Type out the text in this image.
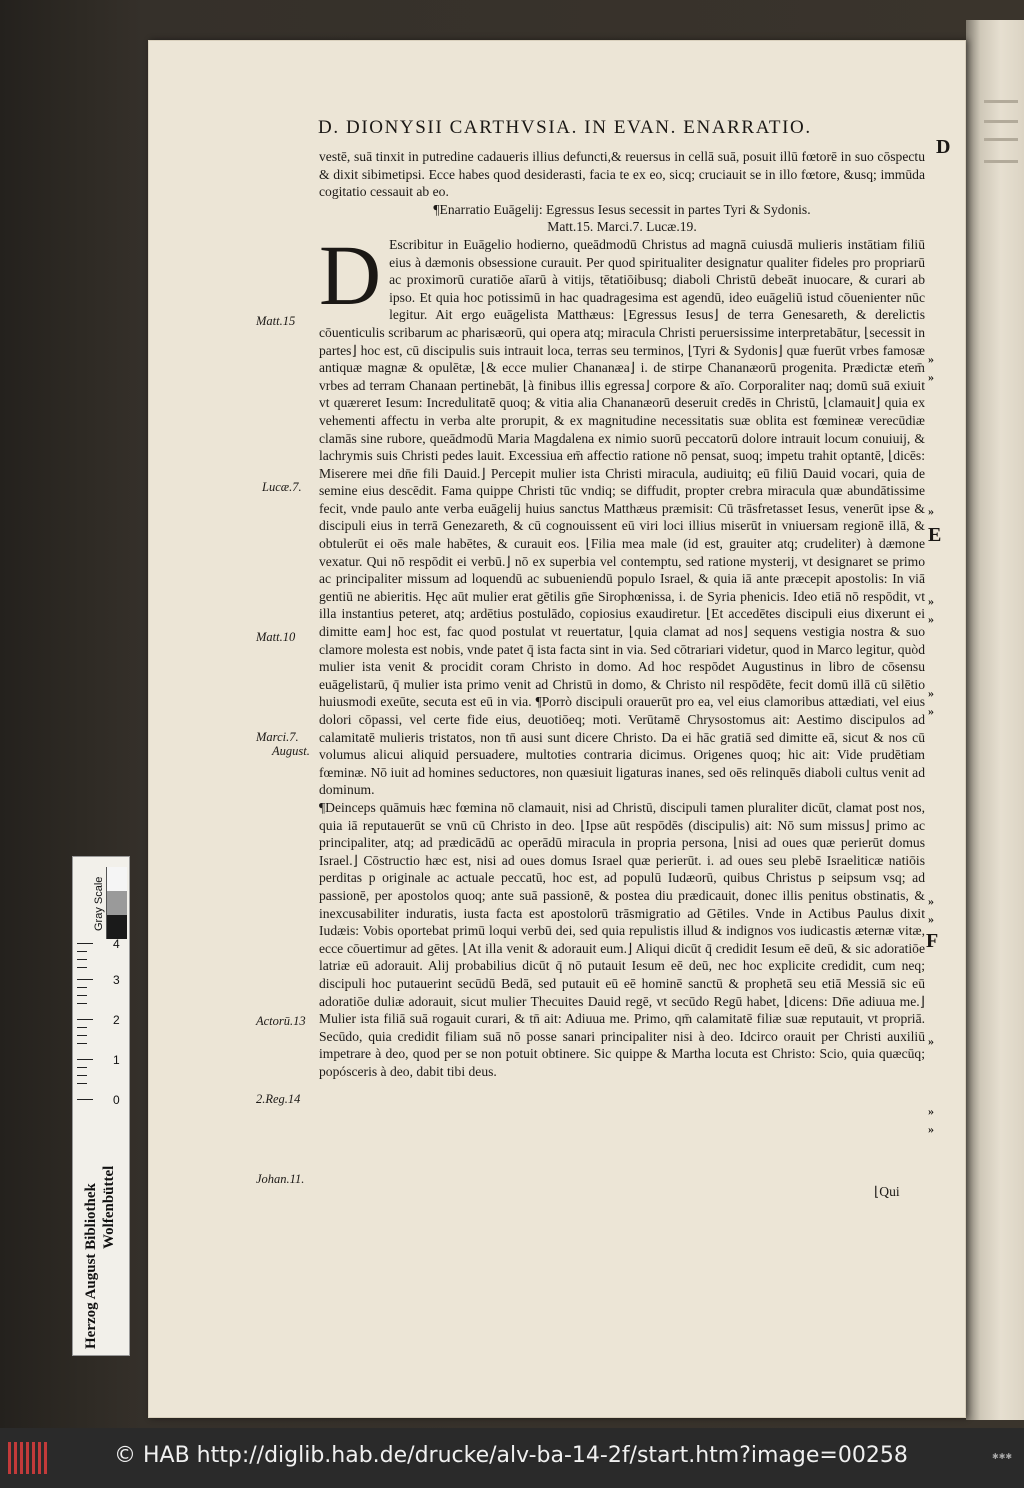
D. DIONYSII CARTHVSIA. IN EVAN. ENARRATIO.
D
E
F

vestē, suā tinxit in putredine cadaueris illius defuncti,& reuersus in cellā suā, posuit illū fœtorē in suo cōspectu & dixit sibimetipsi. Ecce habes quod desiderasti, facia te ex eo, sicq; cruciauit se in illo fœtore, &usq; immūda cogitatio cessauit ab eo.

¶Enarratio Euāgelij: Egressus Iesus secessit in partes Tyri & Sydonis.

Matt.15. Marci.7. Lucæ.19.

D Escribitur in Euāgelio hodierno, queādmodū Christus ad magnā cuiusdā mulieris instātiam filiū eius à dæmonis obsessione curauit. Per quod spiritualiter designatur qualiter fideles pro propriarū ac proximorū curatiōe aīarū à vitijs, tētatiōibusq; diaboli Christū debeāt inuocare, & curari ab ipso. Et quia hoc potissimū in hac quadragesima est agendū, ideo euāgeliū istud cōuenienter nūc legitur. Ait ergo euāgelista Matthæus: ⌊Egressus Iesus⌋ de terra Genesareth, & derelictis cōuenticulis scribarum ac pharisæorū, qui opera atq; miracula Christi peruersissime interpretabātur, ⌊secessit in partes⌋ hoc est, cū discipulis suis intrauit loca, terras seu terminos, ⌊Tyri & Sydonis⌋ quæ fuerūt vrbes famosæ antiquæ magnæ & opulētæ, ⌊& ecce mulier Chananæa⌋ i. de stirpe Chananæorū progenita. Prædictæ etem̄ vrbes ad terram Chanaan pertinebāt, ⌊à finibus illis egressa⌋ corpore & aīo. Corporaliter naq; domū suā exiuit vt quæreret Iesum: Incredulitatē quoq; & vitia alia Chananæorū deseruit credēs in Christū, ⌊clamauit⌋ quia ex vehementi affectu in verba alte prorupit, & ex magnitudine necessitatis suæ oblita est fœmineæ verecūdiæ clamās sine rubore, queādmodū Maria Magdalena ex nimio suorū peccatorū dolore intrauit locum conuiuij, & lachrymis suis Christi pedes lauit. Excessiua em̄ affectio ratione nō pensat, suoq; impetu trahit optantē, ⌊dicēs: Miserere mei dn̄e fili Dauid.⌋ Percepit mulier ista Christi miracula, audiuitq; eū filiū Dauid vocari, quia de semine eius descēdit. Fama quippe Christi tūc vndiq; se diffudit, propter crebra miracula quæ abundātissime fecit, vnde paulo ante verba euāgelij huius sanctus Matthæus præmisit: Cū trāsfretasset Iesus, venerūt ipse & discipuli eius in terrā Genezareth, & cū cognouissent eū viri loci illius miserūt in vniuersam regionē illā, & obtulerūt ei oēs male habētes, & curauit eos. ⌊Filia mea male (id est, grauiter atq; crudeliter) à dæmone vexatur. Qui nō respōdit ei verbū.⌋ nō ex superbia vel contemptu, sed ratione mysterij, vt designaret se primo ac principaliter missum ad loquendū ac subueniendū populo Israel, & quia iā ante præcepit apostolis: In viā gentiū ne abieritis. Hęc aūt mulier erat gētilis gn̄e Sirophœnissa, i. de Syria phenicis. Ideo etiā nō respōdit, vt illa instantius peteret, atq; ardētius postulādo, copiosius exaudiretur. ⌊Et accedētes discipuli eius dixerunt ei dimitte eam⌋ hoc est, fac quod postulat vt reuertatur, ⌊quia clamat ad nos⌋ sequens vestigia nostra & suo clamore molesta est nobis, vnde patet q̄ ista facta sint in via. Sed cōtrariari videtur, quod in Marco legitur, quòd mulier ista venit & procidit coram Christo in domo. Ad hoc respōdet Augustinus in libro de cōsensu euāgelistarū, q̄ mulier ista primo venit ad Christū in domo, & Christo nil respōdēte, fecit domū illā cū silētio huiusmodi exeūte, secuta est eū in via. ¶Porrò discipuli orauerūt pro ea, vel eius clamoribus attædiati, vel eius dolori cōpassi, vel certe fide eius, deuotiōeq; moti. Verūtamē Chrysostomus ait: Aestimo discipulos ad calamitatē mulieris tristatos, non tn̄ ausi sunt dicere Christo. Da ei hāc gratiā sed dimitte eā, sicut & nos cū volumus alicui aliquid persuadere, multoties contraria dicimus. Origenes quoq; hic ait: Vide prudētiam fœminæ. Nō iuit ad homines seductores, non quæsiuit ligaturas inanes, sed oēs relinquēs diaboli cultus venit ad dominum.

¶Deinceps quāmuis hæc fœmina nō clamauit, nisi ad Christū, discipuli tamen pluraliter dicūt, clamat post nos, quia iā reputauerūt se vnū cū Christo in deo. ⌊Ipse aūt respōdēs (discipulis) ait: Nō sum missus⌋ primo ac principaliter, atq; ad prædicādū ac operādū miracula in propria persona, ⌊nisi ad oues quæ perierūt domus Israel.⌋ Cōstructio hæc est, nisi ad oues domus Israel quæ perierūt. i. ad oues seu plebē Israeliticæ natiōis perditas p originale ac actuale peccatū, hoc est, ad populū Iudæorū, quibus Christus p seipsum vsq; ad passionē, per apostolos quoq; ante suā passionē, & postea diu prædicauit, donec illis penitus obstinatis, & inexcusabiliter induratis, iusta facta est apostolorū trāsmigratio ad Gētiles. Vnde in Actibus Paulus dixit Iudæis: Vobis oportebat primū loqui verbū dei, sed quia repulistis illud & indignos vos iudicastis æternæ vitæ, ecce cōuertimur ad gētes. ⌊At illa venit & adorauit eum.⌋ Aliqui dicūt q̄ credidit Iesum eē deū, & sic adoratiōe latriæ eū adorauit. Alij probabilius dicūt q̄ nō putauit Iesum eē deū, nec hoc explicite credidit, cum neq; discipuli hoc putauerint secūdū Bedā, sed putauit eū eē hominē sanctū & prophetā seu etiā Messiā sic eū adoratiōe duliæ adorauit, sicut mulier Thecuites Dauid regē, vt secūdo Regū habet, ⌊dicens: Dn̄e adiuua me.⌋ Mulier ista filiā suā rogauit curari, & tn̄ ait: Adiuua me. Primo, qm̄ calamitatē filiæ suæ reputauit, vt propriā. Secūdo, quia credidit filiam suā nō posse sanari principaliter nisi à deo. Idcirco orauit per Christi auxiliū impetrare à deo, quod per se non potuit obtinere. Sic quippe & Martha locuta est Christo: Scio, quia quæcūq; popósceris à deo, dabit tibi deus.

Matt.15
Lucæ.7.
Matt.10
Marci.7.
August.
Actorū.13
2.Reg.14
Johan.11.
»
»
»
»
»
»
»
»
»
»
»
»
⌊Qui
Herzog August Bibliothek Wolfenbüttel
Gray Scale
0
1
2
3
4
© HAB http://diglib.hab.de/drucke/alv-ba-14-2f/start.htm?image=00258	✱✱✱
